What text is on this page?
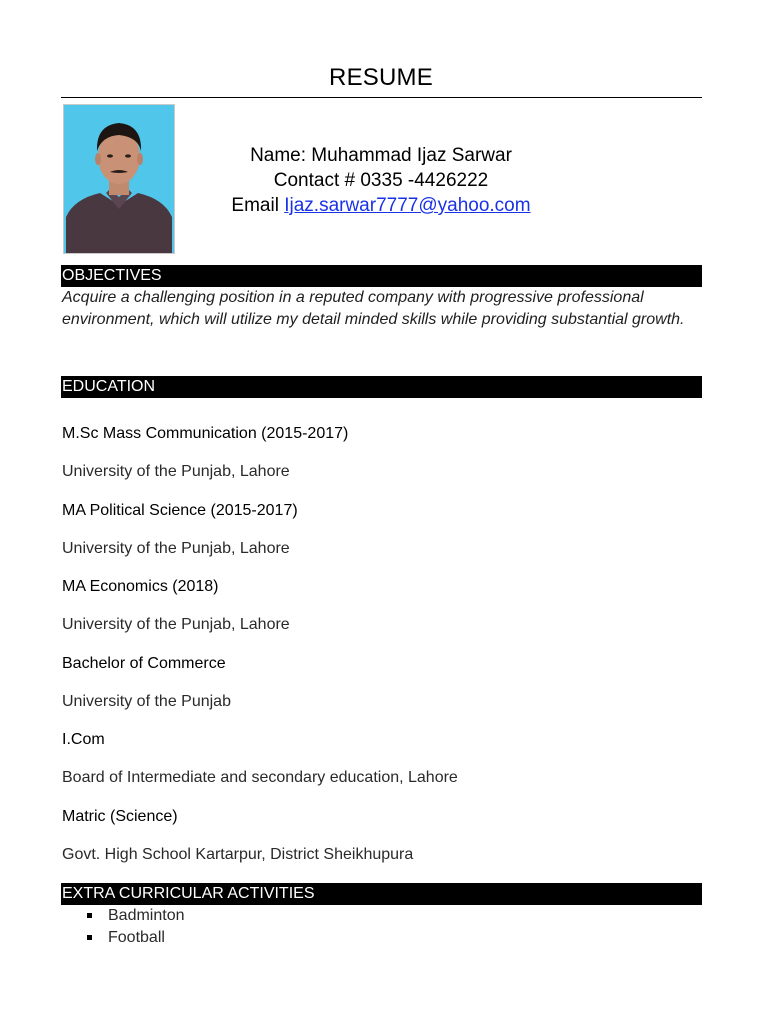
RESUME
Name: Muhammad Ijaz Sarwar
Contact # 0335 -4426222
Email Ijaz.sarwar7777@yahoo.com
OBJECTIVES
Acquire a challenging position in a reputed company with progressive professional environment, which will utilize my detail minded skills while providing substantial growth.
EDUCATION
M.Sc Mass Communication (2015-2017)
University of the Punjab, Lahore
MA Political Science (2015-2017)
University of the Punjab, Lahore
MA Economics (2018)
University of the Punjab, Lahore
Bachelor of Commerce
University of the Punjab
I.Com
Board of Intermediate and secondary education, Lahore
Matric (Science)
Govt. High School Kartarpur, District Sheikhupura
EXTRA CURRICULAR ACTIVITIES
Badminton
Football
